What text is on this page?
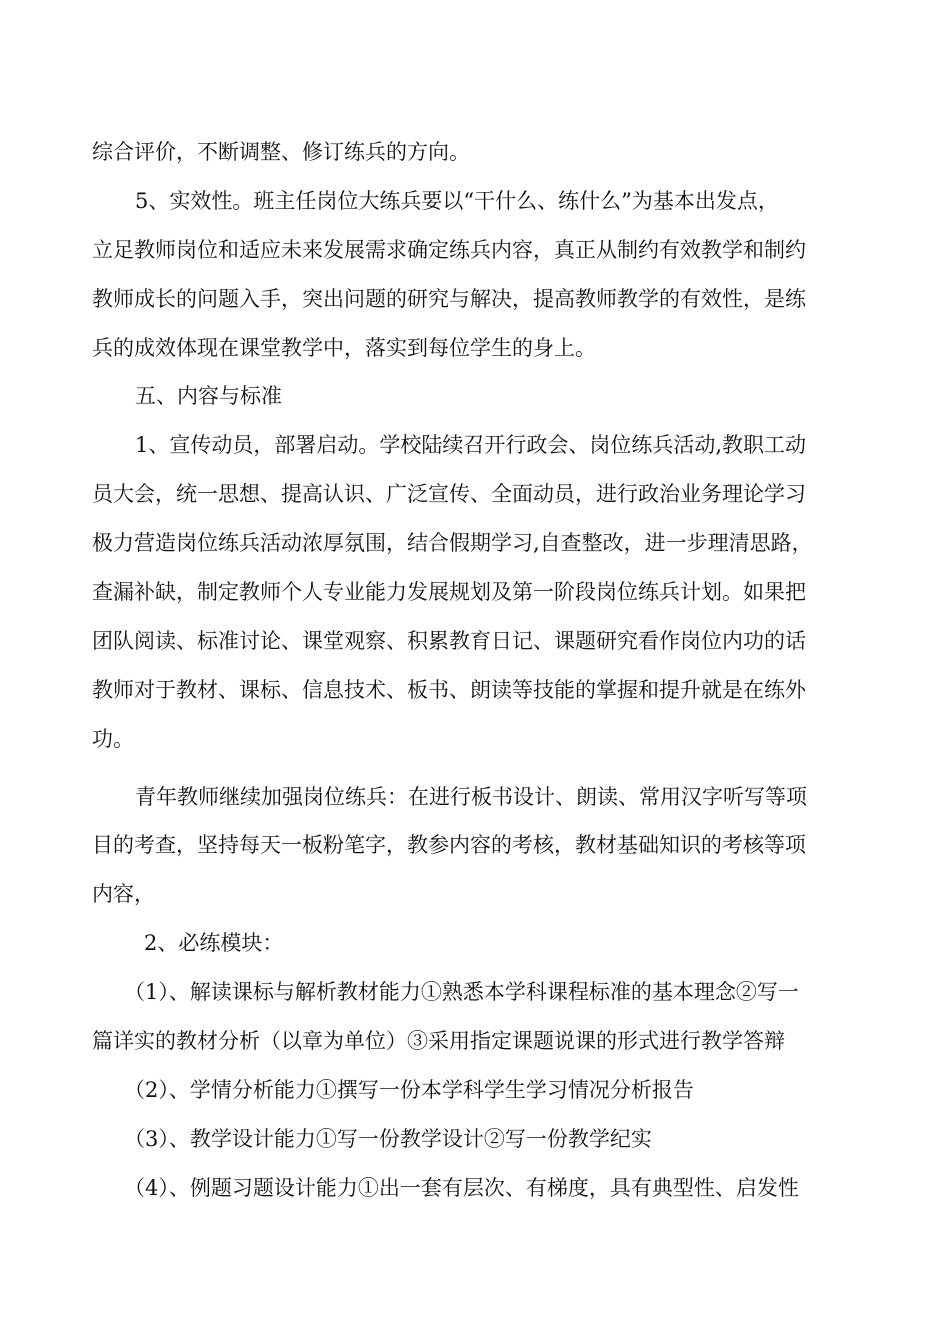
综合评价，不断调整、修订练兵的方向。
5、实效性。班主任岗位大练兵要以“干什么、练什么”为基本出发点，
立足教师岗位和适应未来发展需求确定练兵内容，真正从制约有效教学和制约
教师成长的问题入手，突出问题的研究与解决，提高教师教学的有效性，是练
兵的成效体现在课堂教学中，落实到每位学生的身上。
五、内容与标准
1、宣传动员，部署启动。学校陆续召开行政会、岗位练兵活动,教职工动
员大会，统一思想、提高认识、广泛宣传、全面动员，进行政治业务理论学习
极力营造岗位练兵活动浓厚氛围，结合假期学习,自查整改，进一步理清思路，
查漏补缺，制定教师个人专业能力发展规划及第一阶段岗位练兵计划。如果把
团队阅读、标准讨论、课堂观察、积累教育日记、课题研究看作岗位内功的话
教师对于教材、课标、信息技术、板书、朗读等技能的掌握和提升就是在练外
功。
青年教师继续加强岗位练兵：在进行板书设计、朗读、常用汉字听写等项
目的考查，坚持每天一板粉笔字，教参内容的考核，教材基础知识的考核等项
内容，
2、必练模块：
（1）、解读课标与解析教材能力①熟悉本学科课程标准的基本理念②写一
篇详实的教材分析（以章为单位）③采用指定课题说课的形式进行教学答辩
（2）、学情分析能力①撰写一份本学科学生学习情况分析报告
（3）、教学设计能力①写一份教学设计②写一份教学纪实
（4）、例题习题设计能力①出一套有层次、有梯度，具有典型性、启发性
